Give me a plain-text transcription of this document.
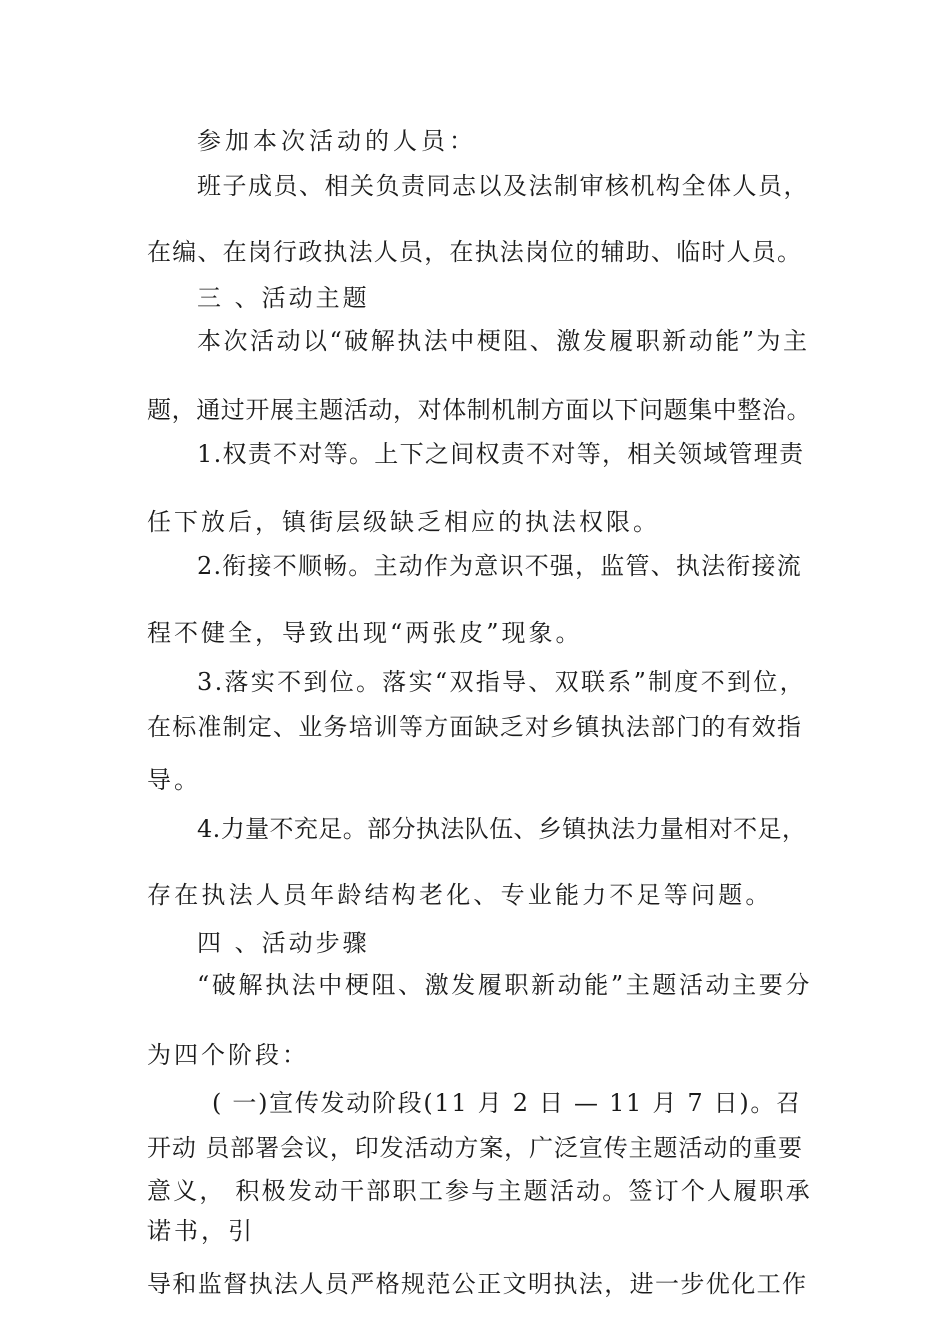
参加本次活动的人员：
班子成员、相关负责同志以及法制审核机构全体人员，
在编、在岗行政执法人员，在执法岗位的辅助、临时人员。
三 、活动主题
本次活动以“破解执法中梗阻、激发履职新动能”为主
题，通过开展主题活动，对体制机制方面以下问题集中整治。
1.权责不对等。上下之间权责不对等，相关领域管理责
任下放后，镇街层级缺乏相应的执法权限。
2.衔接不顺畅。主动作为意识不强，监管、执法衔接流
程不健全，导致出现“两张皮”现象。
3.落实不到位。落实“双指导、双联系”制度不到位，
在标准制定、业务培训等方面缺乏对乡镇执法部门的有效指
导。
4.力量不充足。部分执法队伍、乡镇执法力量相对不足，
存在执法人员年龄结构老化、专业能力不足等问题。
四 、活动步骤
“破解执法中梗阻、激发履职新动能”主题活动主要分
为四个阶段：
( 一)宣传发动阶段(11 月 2 日 — 11 月 7 日)。召
开动 员部署会议，印发活动方案，广泛宣传主题活动的重要
意义， 积极发动干部职工参与主题活动。签订个人履职承
诺书，引
导和监督执法人员严格规范公正文明执法，进一步优化工作
